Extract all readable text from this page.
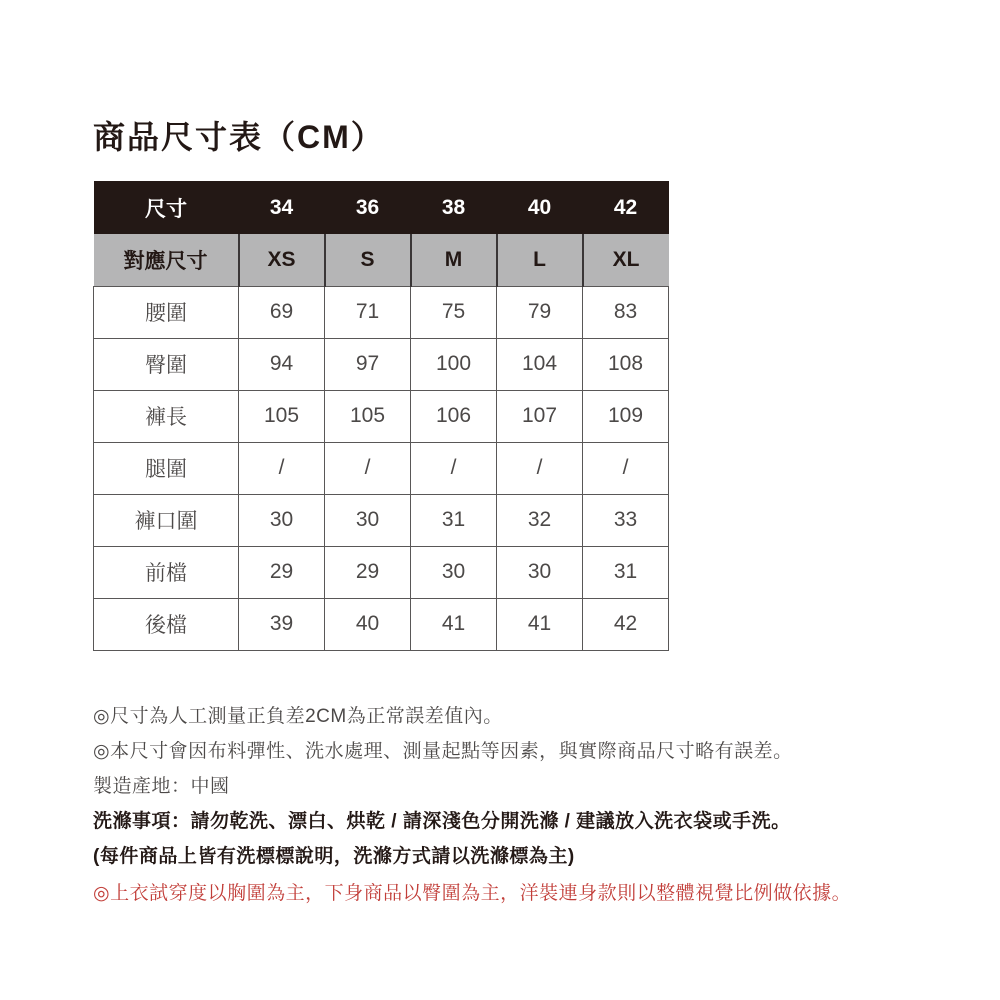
商品尺寸表（CM）
尺寸	34	36	38	40	42
對應尺寸	XS	S	M	L	XL
腰圍	69	71	75	79	83
臀圍	94	97	100	104	108
褲長	105	105	106	107	109
腿圍	/	/	/	/	/
褲口圍	30	30	31	32	33
前檔	29	29	30	30	31
後檔	39	40	41	41	42

◎尺寸為人工測量正負差2CM為正常誤差值內。

◎本尺寸會因布料彈性、洗水處理、測量起點等因素，與實際商品尺寸略有誤差。

製造產地：中國

洗滌事項：請勿乾洗、漂白、烘乾 / 請深淺色分開洗滌 / 建議放入洗衣袋或手洗。

(每件商品上皆有洗標標說明，洗滌方式請以洗滌標為主)

◎上衣試穿度以胸圍為主，下身商品以臀圍為主，洋裝連身款則以整體視覺比例做依據。
